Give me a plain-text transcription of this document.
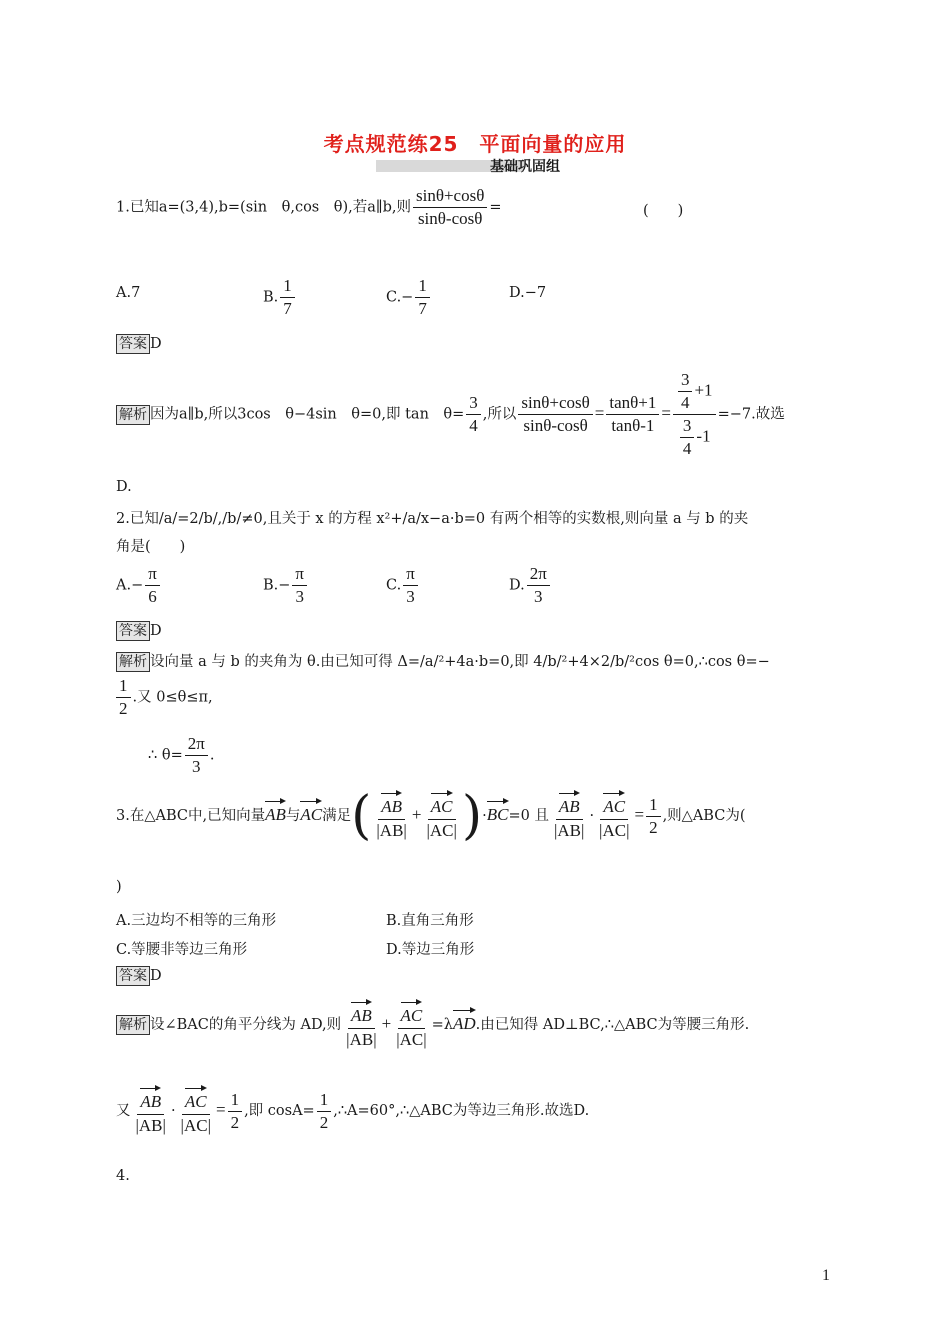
考点规范练25　平面向量的应用
基础巩固组
1.已知a=(3,4),b=(sin　θ,cos　θ),若a∥b,则 $\frac{\sin\theta+\cos\theta}{\sin\theta-\cos\theta}$ =	(　　)
A.7	B. $\frac{1}{7}$	$C.- \frac{1}{7}$	D.−7
答案 D
解析 因为a∥b,所以3cos　θ−4sin　θ=0,即 tan　$\theta= \frac{3}{4}$ ,所以 $\frac{\sin\theta+\cos\theta}{\sin\theta-\cos\theta} = \frac{\tan\theta+1}{\tan\theta-1} = \frac{\frac{3}{4} +1}{\frac{3}{4} -1} =-7$.故选
D.
2.已知/a/=2/b/,/b/≠0,且关于 x 的方程 x²+/a/x−a·b=0 有两个相等的实数根,则向量 a 与 b 的夹
角是(　　)
$A.- \frac{\pi}{6}$	$B.- \frac{\pi}{3}$	C. $\frac{\pi}{3}$	D. $\frac{2\pi}{3}$
答案 D
解析 设向量 a 与 b 的夹角为 θ.由已知可得 Δ=/a/²+4a·b=0,即 4/b/²+4×2/b/²cos θ=0,∴cos θ=−
$\frac{1}{2}$ .又 0≤θ≤π,
∴ $\theta= \frac{2\pi}{3}$ .
3.在△ABC中,已知向量AB与AC满足( $\frac{AB}{|AB|} + \frac{AC}{|AC|} )\cdot BC=0$ 且 $\frac{AB}{|AB|} \cdot \frac{AC}{|AC|} = \frac{1}{2}$ ,则△ABC为(
)
A.三边均不相等的三角形	B.直角三角形
C.等腰非等边三角形	D.等边三角形
答案 D
解析 设∠BAC的角平分线为 AD,则 $\frac{AB}{|AB|} + \frac{AC}{|AC|} =\lambda AD$.由已知得 AD⊥BC,∴△ABC为等腰三角形.
又 $\frac{AB}{|AB|} \cdot \frac{AC}{|AC|} = \frac{1}{2}$ ,即 $\cos A= \frac{1}{2}$ ,∴A=60°,∴△ABC为等边三角形.故选D.
4.
1
